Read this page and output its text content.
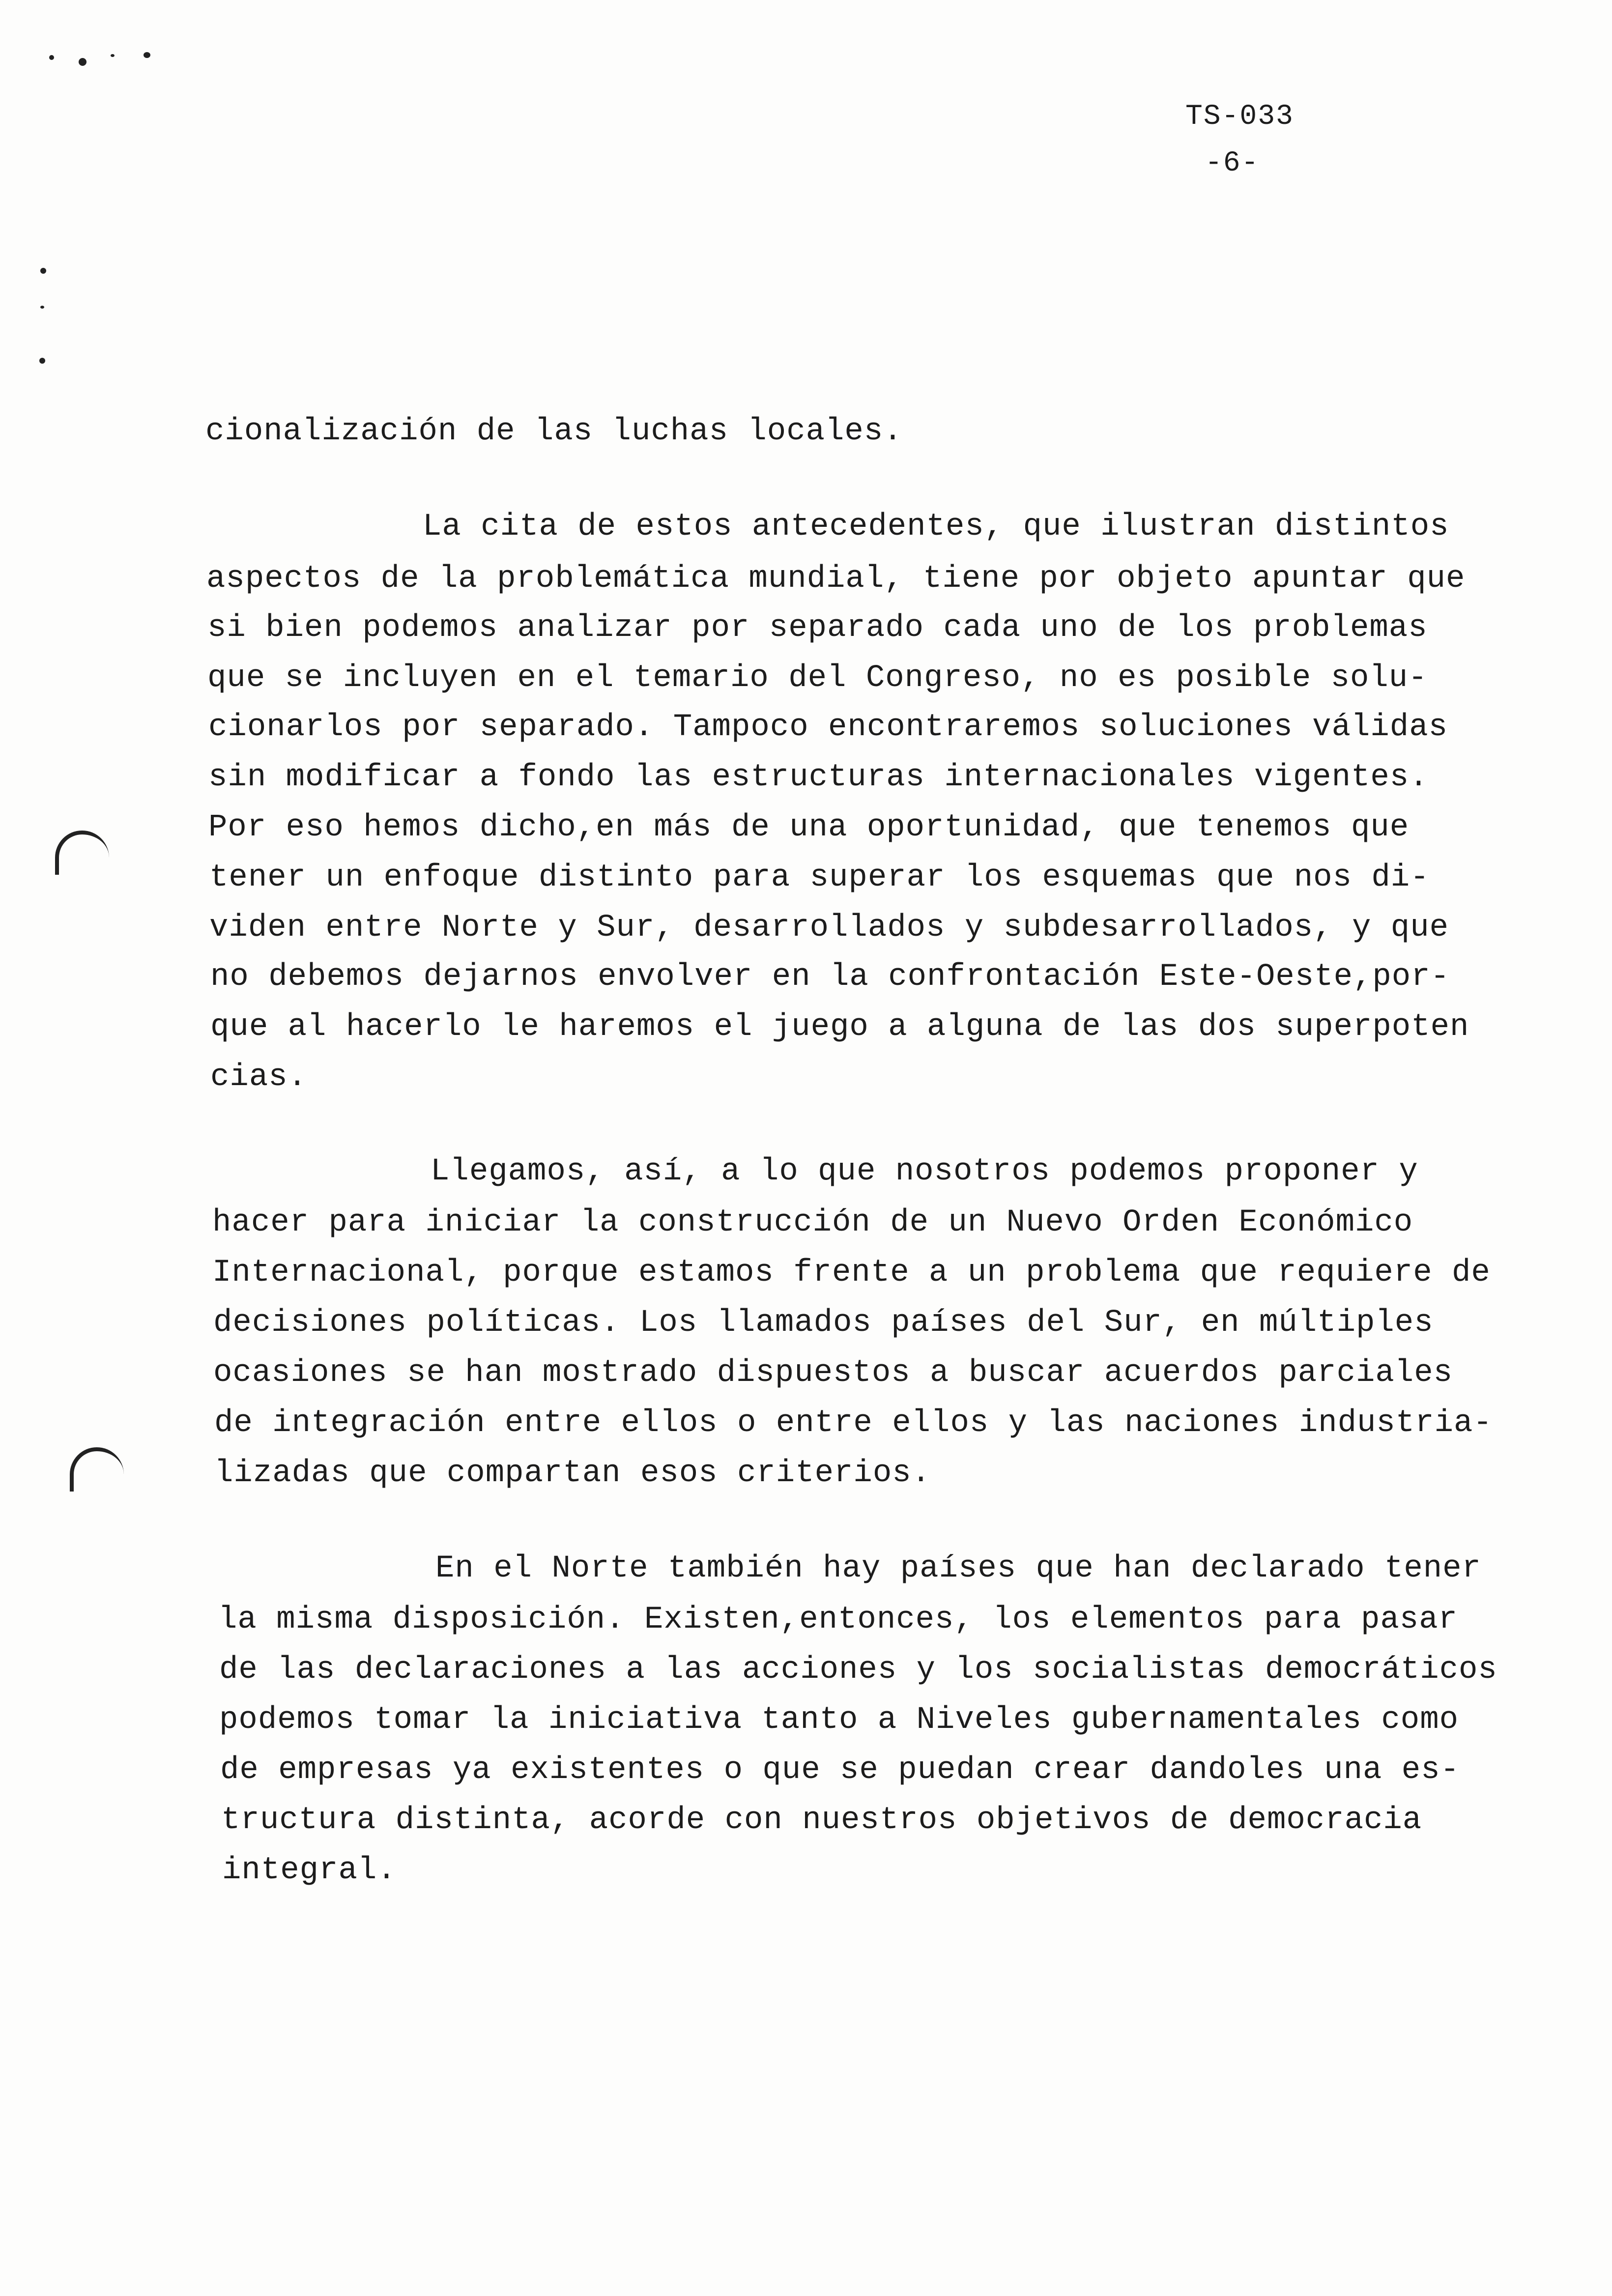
TS-033
-6-
cionalización de las luchas locales.
La cita de estos antecedentes, que ilustran distintos
aspectos de la problemática mundial, tiene por objeto apuntar que
si bien podemos analizar por separado cada uno de los problemas
que se incluyen en el temario del Congreso, no es posible solu-
cionarlos por separado. Tampoco encontraremos soluciones válidas
sin modificar a fondo las estructuras internacionales vigentes.
Por eso hemos dicho,en más de una oportunidad, que tenemos que
tener un enfoque distinto para superar los esquemas que nos di-
viden entre Norte y Sur, desarrollados y subdesarrollados, y que
no debemos dejarnos envolver en la confrontación Este-Oeste,por-
que al hacerlo le haremos el juego a alguna de las dos superpoten
cias.
Llegamos, así, a lo que nosotros podemos proponer y
hacer para iniciar la construcción de un Nuevo Orden Económico
Internacional, porque estamos frente a un problema que requiere de
decisiones políticas. Los llamados países del Sur, en múltiples
ocasiones se han mostrado dispuestos a buscar acuerdos parciales
de integración entre ellos o entre ellos y las naciones industria-
lizadas que compartan esos criterios.
En el Norte también hay países que han declarado tener
la misma disposición. Existen,entonces, los elementos para pasar
de las declaraciones a las acciones y los socialistas democráticos
podemos tomar la iniciativa tanto a Niveles gubernamentales como
de empresas ya existentes o que se puedan crear dandoles una es-
tructura distinta, acorde con nuestros objetivos de democracia
integral.
